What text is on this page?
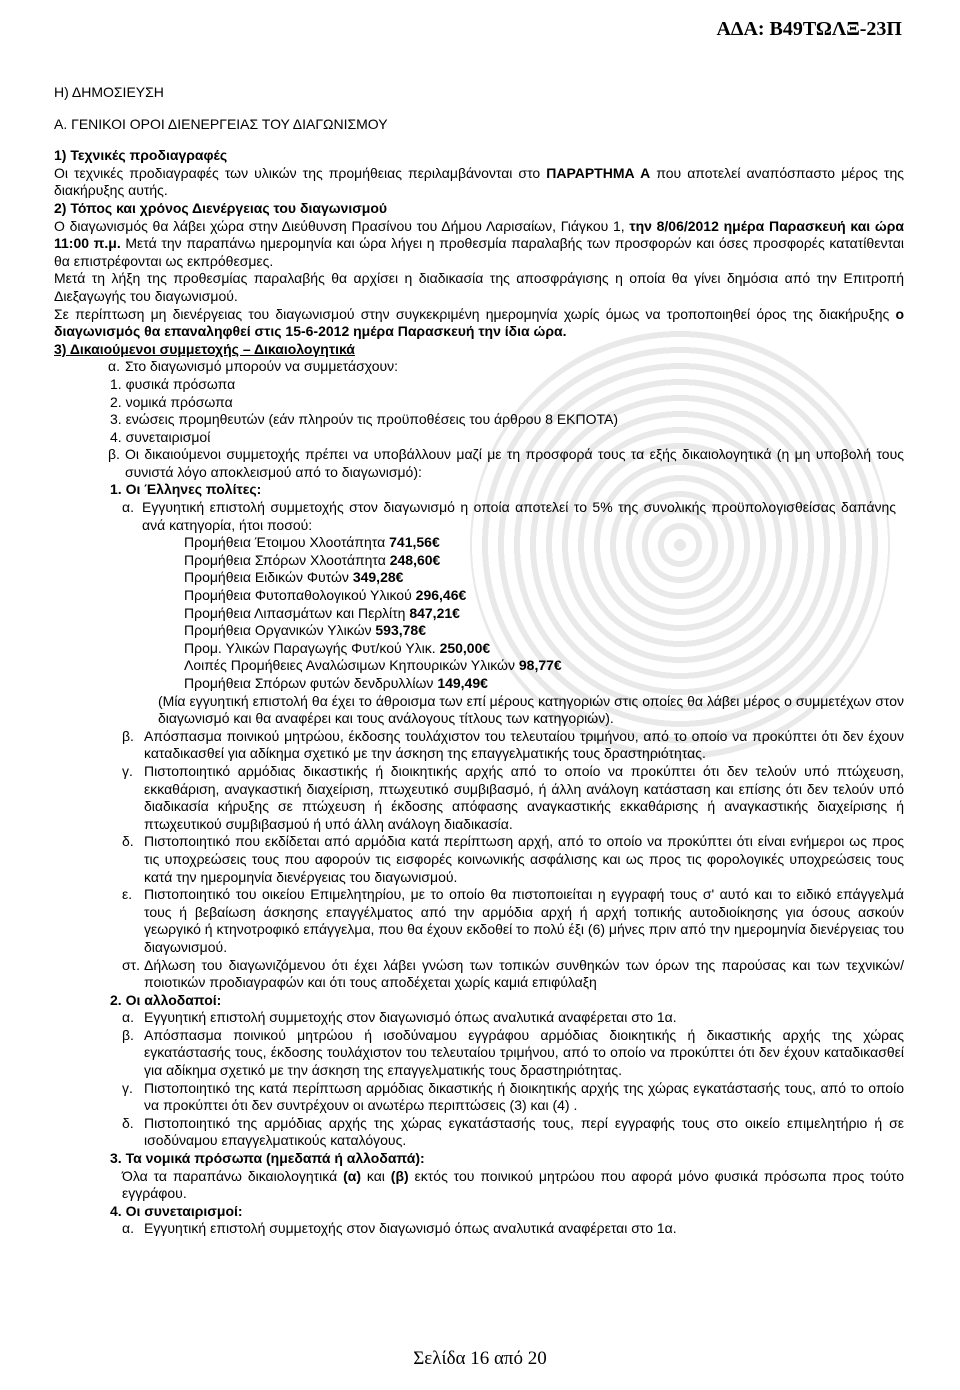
ΑΔΑ: Β49ΤΩΛΞ-23Π
Η) ΔΗΜΟΣΙΕΥΣΗ
Α. ΓΕΝΙΚΟΙ ΟΡΟΙ ΔΙΕΝΕΡΓΕΙΑΣ ΤΟΥ ΔΙΑΓΩΝΙΣΜΟΥ
1) Τεχνικές προδιαγραφές
Οι τεχνικές προδιαγραφές των υλικών της προμήθειας περιλαμβάνονται στο ΠΑΡΑΡΤΗΜΑ Α που αποτελεί αναπόσπαστο μέρος της διακήρυξης αυτής.
2) Τόπος και χρόνος Διενέργειας του διαγωνισμού
Ο διαγωνισμός θα λάβει χώρα στην Διεύθυνση Πρασίνου του Δήμου Λαρισαίων, Γιάγκου 1, την 8/06/2012 ημέρα Παρασκευή και ώρα 11:00 π.μ. Μετά την παραπάνω ημερομηνία και ώρα λήγει η προθεσμία παραλαβής των προσφορών και όσες προσφορές κατατίθενται θα επιστρέφονται ως εκπρόθεσμες.
Μετά τη λήξη της προθεσμίας παραλαβής θα αρχίσει η διαδικασία της αποσφράγισης η οποία θα γίνει δημόσια από την Επιτροπή Διεξαγωγής του διαγωνισμού.
Σε περίπτωση μη διενέργειας του διαγωνισμού στην συγκεκριμένη ημερομηνία χωρίς όμως να τροποποιηθεί όρος της διακήρυξης ο διαγωνισμός θα επαναληφθεί στις 15-6-2012 ημέρα Παρασκευή την ίδια ώρα.
3) Δικαιούμενοι συμμετοχής – Δικαιολογητικά
α. Στο διαγωνισμό μπορούν να συμμετάσχουν:
1. φυσικά πρόσωπα
2. νομικά πρόσωπα
3. ενώσεις προμηθευτών (εάν πληρούν τις προϋποθέσεις του άρθρου 8 ΕΚΠΟΤΑ)
4. συνεταιρισμοί
β. Οι δικαιούμενοι συμμετοχής πρέπει να υποβάλλουν μαζί με τη προσφορά τους τα εξής δικαιολογητικά (η μη υποβολή τους συνιστά λόγο αποκλεισμού από το διαγωνισμό):
1. Οι Έλληνες πολίτες:
α. Εγγυητική επιστολή συμμετοχής στον διαγωνισμό η οποία αποτελεί το 5% της συνολικής προϋπολογισθείσας δαπάνης ανά κατηγορία, ήτοι ποσού:
Προμήθεια Έτοιμου Χλοοτάπητα 741,56€
Προμήθεια Σπόρων Χλοοτάπητα 248,60€
Προμήθεια Ειδικών Φυτών 349,28€
Προμήθεια Φυτοπαθολογικού Υλικού 296,46€
Προμήθεια Λιπασμάτων και Περλίτη 847,21€
Προμήθεια Οργανικών Υλικών 593,78€
Προμ. Υλικών Παραγωγής Φυτ/κού Υλικ. 250,00€
Λοιπές Προμήθειες Αναλώσιμων Κηπουρικών Υλικών 98,77€
Προμήθεια Σπόρων φυτών δενδρυλλίων 149,49€
(Μία εγγυητική επιστολή θα έχει το άθροισμα των επί μέρους κατηγοριών στις οποίες θα λάβει μέρος ο συμμετέχων στον διαγωνισμό και θα αναφέρει και τους ανάλογους τίτλους των κατηγοριών).
β. Απόσπασμα ποινικού μητρώου, έκδοσης τουλάχιστον του τελευταίου τριμήνου, από το οποίο να προκύπτει ότι δεν έχουν καταδικασθεί για αδίκημα σχετικό με την άσκηση της επαγγελματικής τους δραστηριότητας.
γ. Πιστοποιητικό αρμόδιας δικαστικής ή διοικητικής αρχής από το οποίο να προκύπτει ότι δεν τελούν υπό πτώχευση, εκκαθάριση, αναγκαστική διαχείριση, πτωχευτικό συμβιβασμό, ή άλλη ανάλογη κατάσταση και επίσης ότι δεν τελούν υπό διαδικασία κήρυξης σε πτώχευση ή έκδοσης απόφασης αναγκαστικής εκκαθάρισης ή αναγκαστικής διαχείρισης ή πτωχευτικού συμβιβασμού ή υπό άλλη ανάλογη διαδικασία.
δ. Πιστοποιητικό που εκδίδεται από αρμόδια κατά περίπτωση αρχή, από το οποίο να προκύπτει ότι είναι ενήμεροι ως προς τις υποχρεώσεις τους που αφορούν τις εισφορές κοινωνικής ασφάλισης και ως προς τις φορολογικές υποχρεώσεις τους κατά την ημερομηνία διενέργειας του διαγωνισμού.
ε. Πιστοποιητικό του οικείου Επιμελητηρίου, με το οποίο θα πιστοποιείται η εγγραφή τους σ' αυτό και το ειδικό επάγγελμά τους ή βεβαίωση άσκησης επαγγέλματος από την αρμόδια αρχή ή αρχή τοπικής αυτοδιοίκησης για όσους ασκούν γεωργικό ή κτηνοτροφικό επάγγελμα, που θα έχουν εκδοθεί το πολύ έξι (6) μήνες πριν από την ημερομηνία διενέργειας του διαγωνισμού.
στ. Δήλωση του διαγωνιζόμενου ότι έχει λάβει γνώση των τοπικών συνθηκών των όρων της παρούσας και των τεχνικών/ποιοτικών προδιαγραφών και ότι τους αποδέχεται χωρίς καμιά επιφύλαξη
2. Οι αλλοδαποί:
α. Εγγυητική επιστολή συμμετοχής στον διαγωνισμό όπως αναλυτικά αναφέρεται στο 1α.
β. Απόσπασμα ποινικού μητρώου ή ισοδύναμου εγγράφου αρμόδιας διοικητικής ή δικαστικής αρχής της χώρας εγκατάστασής τους, έκδοσης τουλάχιστον του τελευταίου τριμήνου, από το οποίο να προκύπτει ότι δεν έχουν καταδικασθεί για αδίκημα σχετικό με την άσκηση της επαγγελματικής τους δραστηριότητας.
γ. Πιστοποιητικό της κατά περίπτωση αρμόδιας δικαστικής ή διοικητικής αρχής της χώρας εγκατάστασής τους, από το οποίο να προκύπτει ότι δεν συντρέχουν οι ανωτέρω περιπτώσεις (3) και (4) .
δ. Πιστοποιητικό της αρμόδιας αρχής της χώρας εγκατάστασής τους, περί εγγραφής τους στο οικείο επιμελητήριο ή σε ισοδύναμου επαγγελματικούς καταλόγους.
3. Τα νομικά πρόσωπα (ημεδαπά ή αλλοδαπά):
Όλα τα παραπάνω δικαιολογητικά (α) και (β) εκτός του ποινικού μητρώου που αφορά μόνο φυσικά πρόσωπα προς τούτο εγγράφου.
4. Οι συνεταιρισμοί:
α. Εγγυητική επιστολή συμμετοχής στον διαγωνισμό όπως αναλυτικά αναφέρεται στο 1α.
Σελίδα 16 από 20
